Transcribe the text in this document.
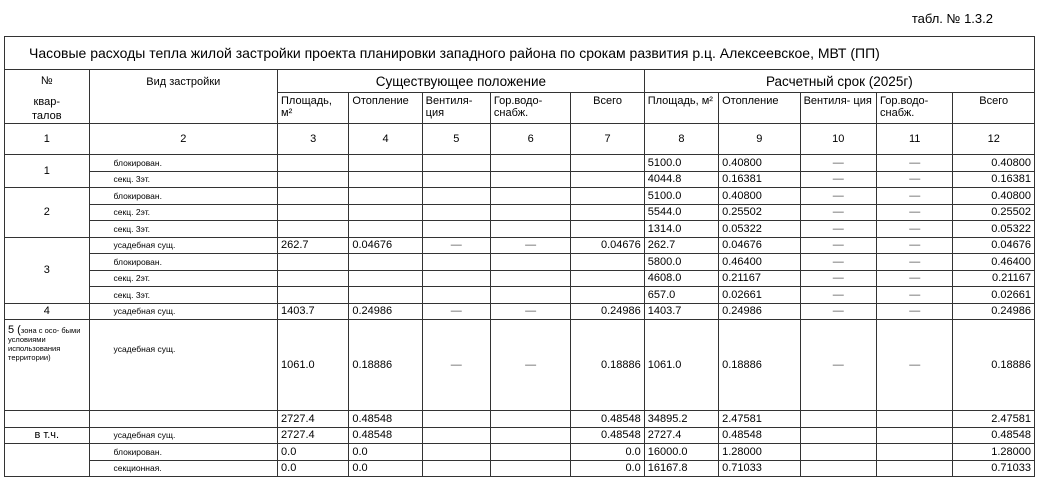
табл. № 1.3.2
Часовые расходы тепла жилой застройки проекта планировки западного района по срокам развития р.ц. Алексеевское, МВТ (ПП)											
№	Вид застройки	Существующее положение					Расчетный срок (2025г)				
квар-
талов		Площадь, м²	Отопление	Вентиля- ция	Гор.водо- снабж.	Всего	Площадь, м²	Отопление	Вентиля- ция	Гор.водо- снабж.	Всего
1	2	3	4	5	6	7	8	9	10	11	12
1	блокирован.						5100.0	0.40800	—	—	0.40800
	секц. 3эт.						4044.8	0.16381	—	—	0.16381
2	блокирован.						5100.0	0.40800	—	—	0.40800
	секц. 2эт.						5544.0	0.25502	—	—	0.25502
	секц. 3эт.						1314.0	0.05322	—	—	0.05322
3	усадебная сущ.	262.7	0.04676	—	—	0.04676	262.7	0.04676	—	—	0.04676
	блокирован.						5800.0	0.46400	—	—	0.46400
	секц. 2эт.						4608.0	0.21167	—	—	0.21167
	секц. 3эт.						657.0	0.02661	—	—	0.02661
4	усадебная сущ.	1403.7	0.24986	—	—	0.24986	1403.7	0.24986	—	—	0.24986
5 (зона с осо- быми условиями использования территории)	усадебная сущ.	1061.0	0.18886	—	—	0.18886	1061.0	0.18886	—	—	0.18886
		2727.4	0.48548			0.48548	34895.2	2.47581			2.47581
в т.ч.	усадебная сущ.	2727.4	0.48548			0.48548	2727.4	0.48548			0.48548
	блокирован.	0.0	0.0			0.0	16000.0	1.28000			1.28000
	секционная.	0.0	0.0			0.0	16167.8	0.71033			0.71033
